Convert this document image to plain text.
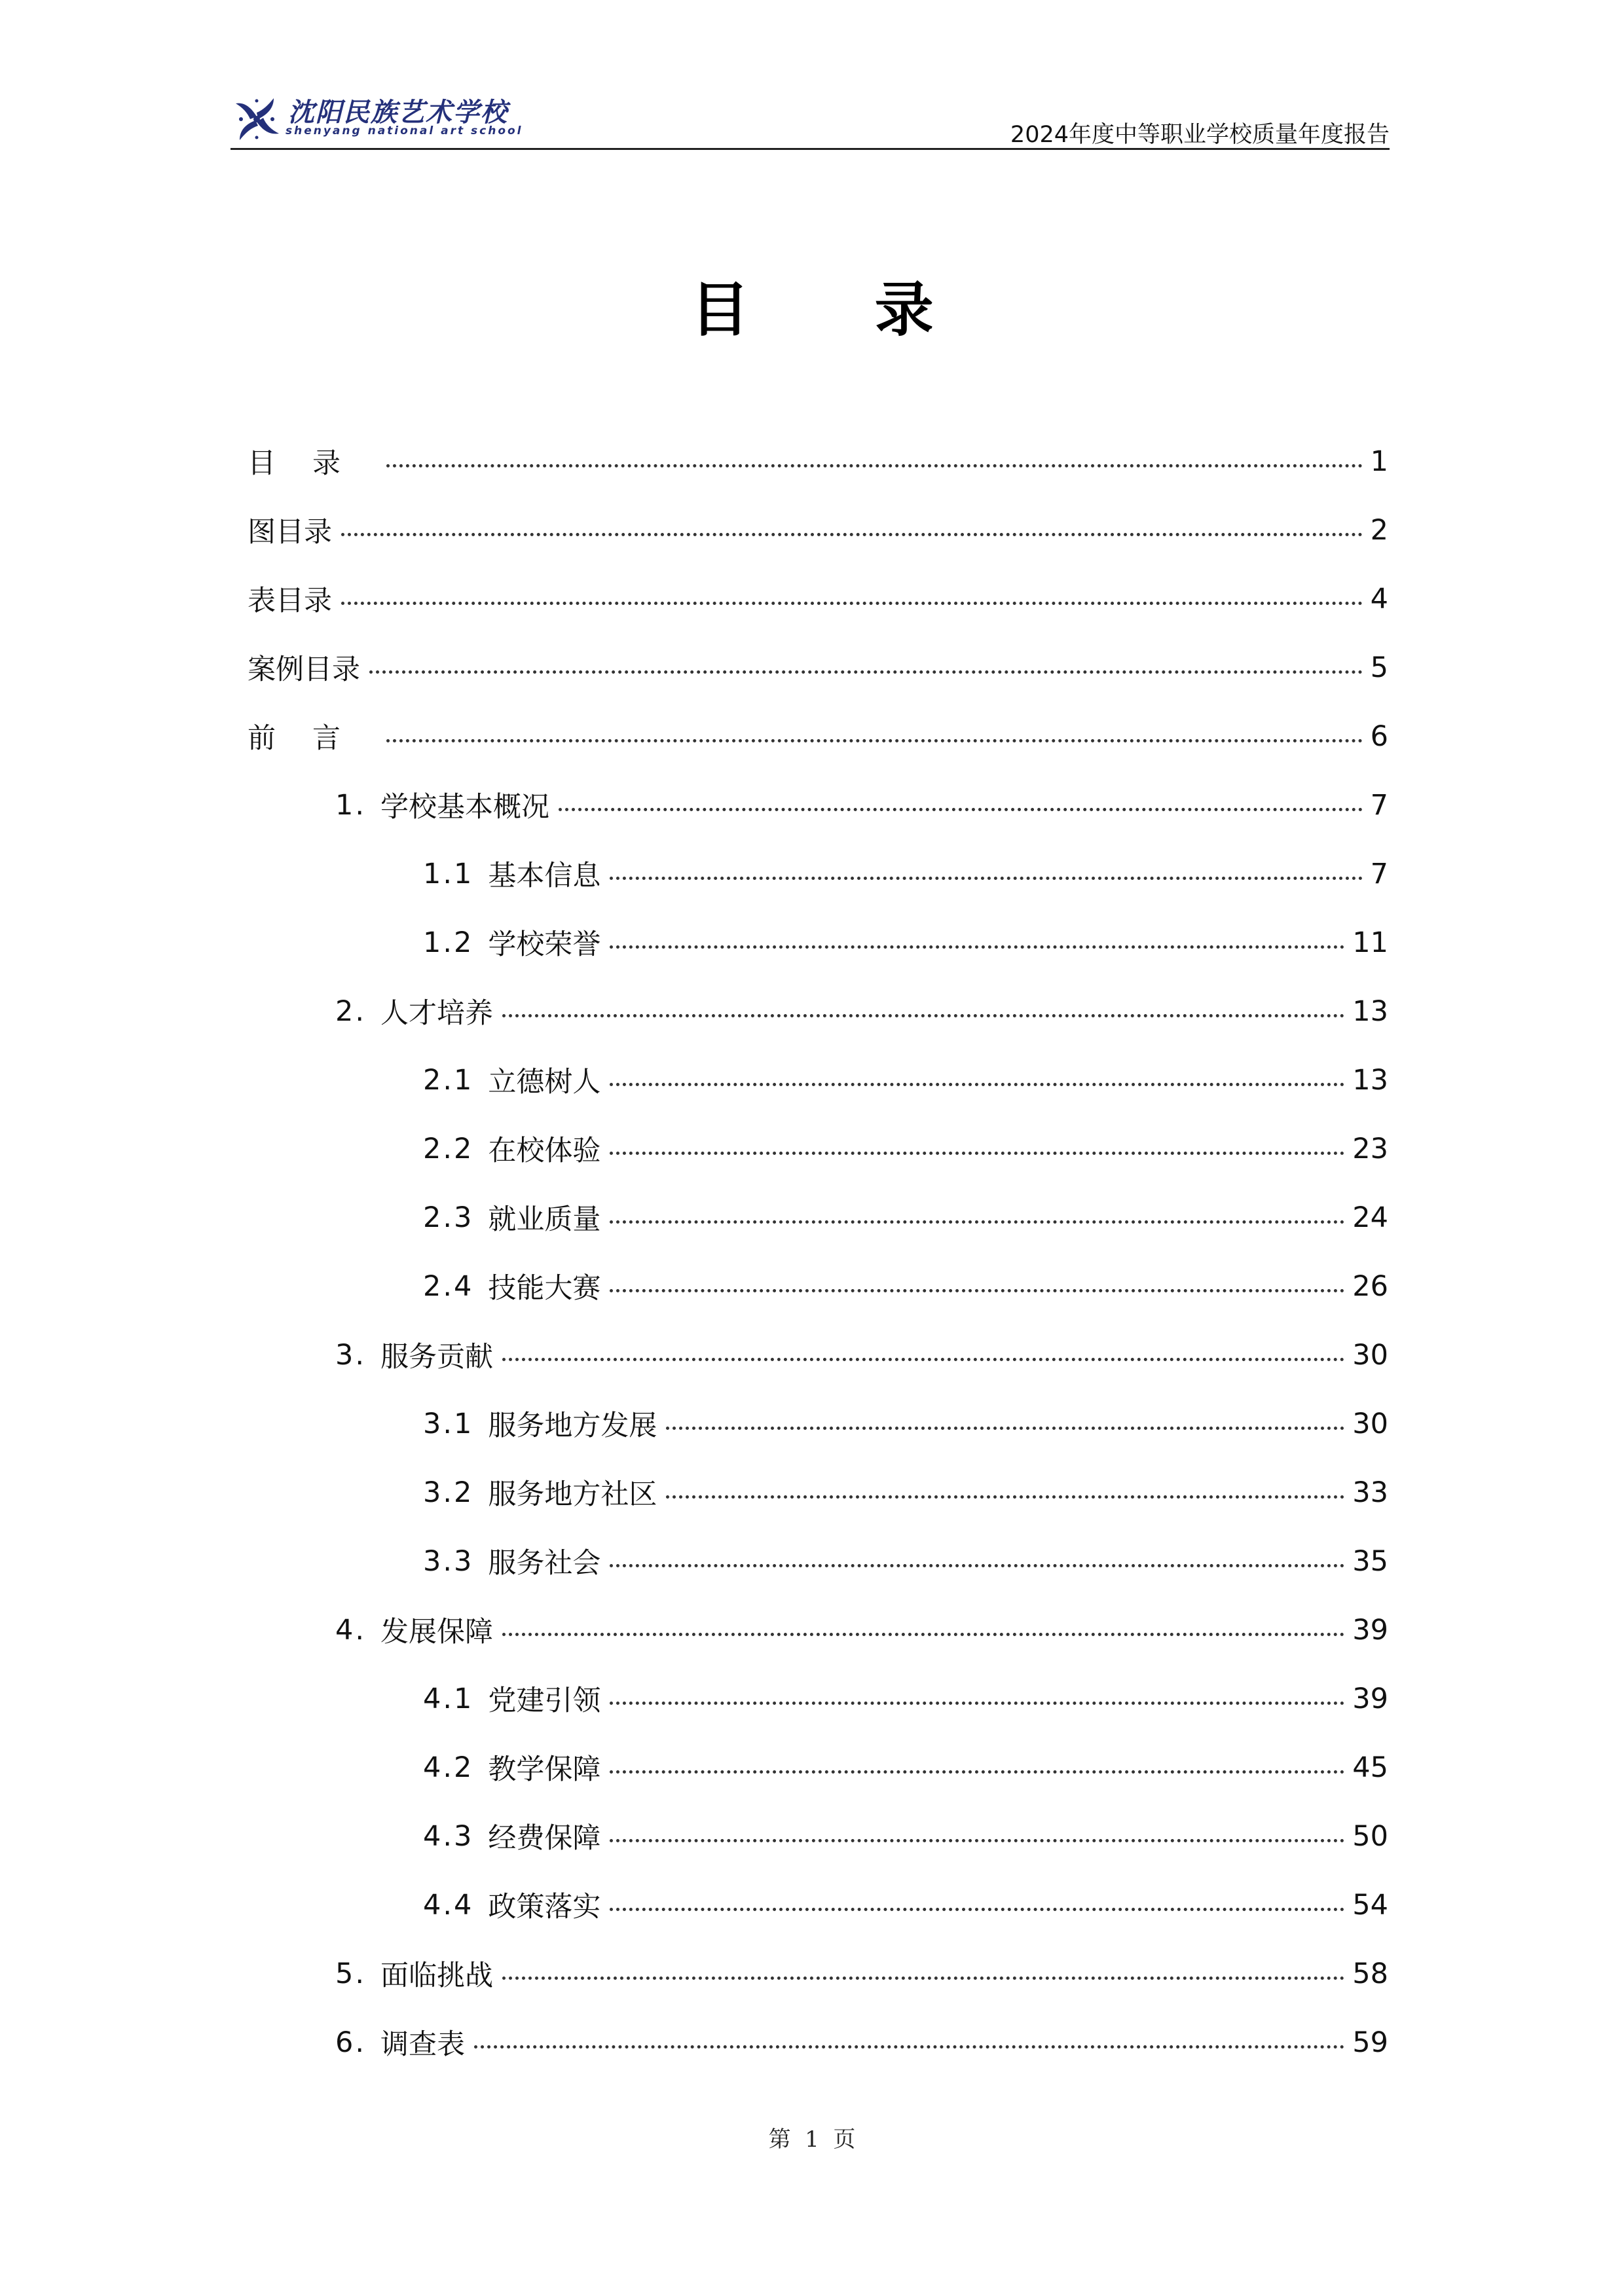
沈阳民族艺术学校
shenyang national art school	2024年度中等职业学校质量年度报告
目 录
目录	1
图目录	2
表目录	4
案例目录	5
前言	6
1. 学校基本概况	7
1.1 基本信息	7
1.2 学校荣誉	11
2. 人才培养	13
2.1 立德树人	13
2.2 在校体验	23
2.3 就业质量	24
2.4 技能大赛	26
3. 服务贡献	30
3.1 服务地方发展	30
3.2 服务地方社区	33
3.3 服务社会	35
4. 发展保障	39
4.1 党建引领	39
4.2 教学保障	45
4.3 经费保障	50
4.4 政策落实	54
5. 面临挑战	58
6. 调查表	59
第  1  页
